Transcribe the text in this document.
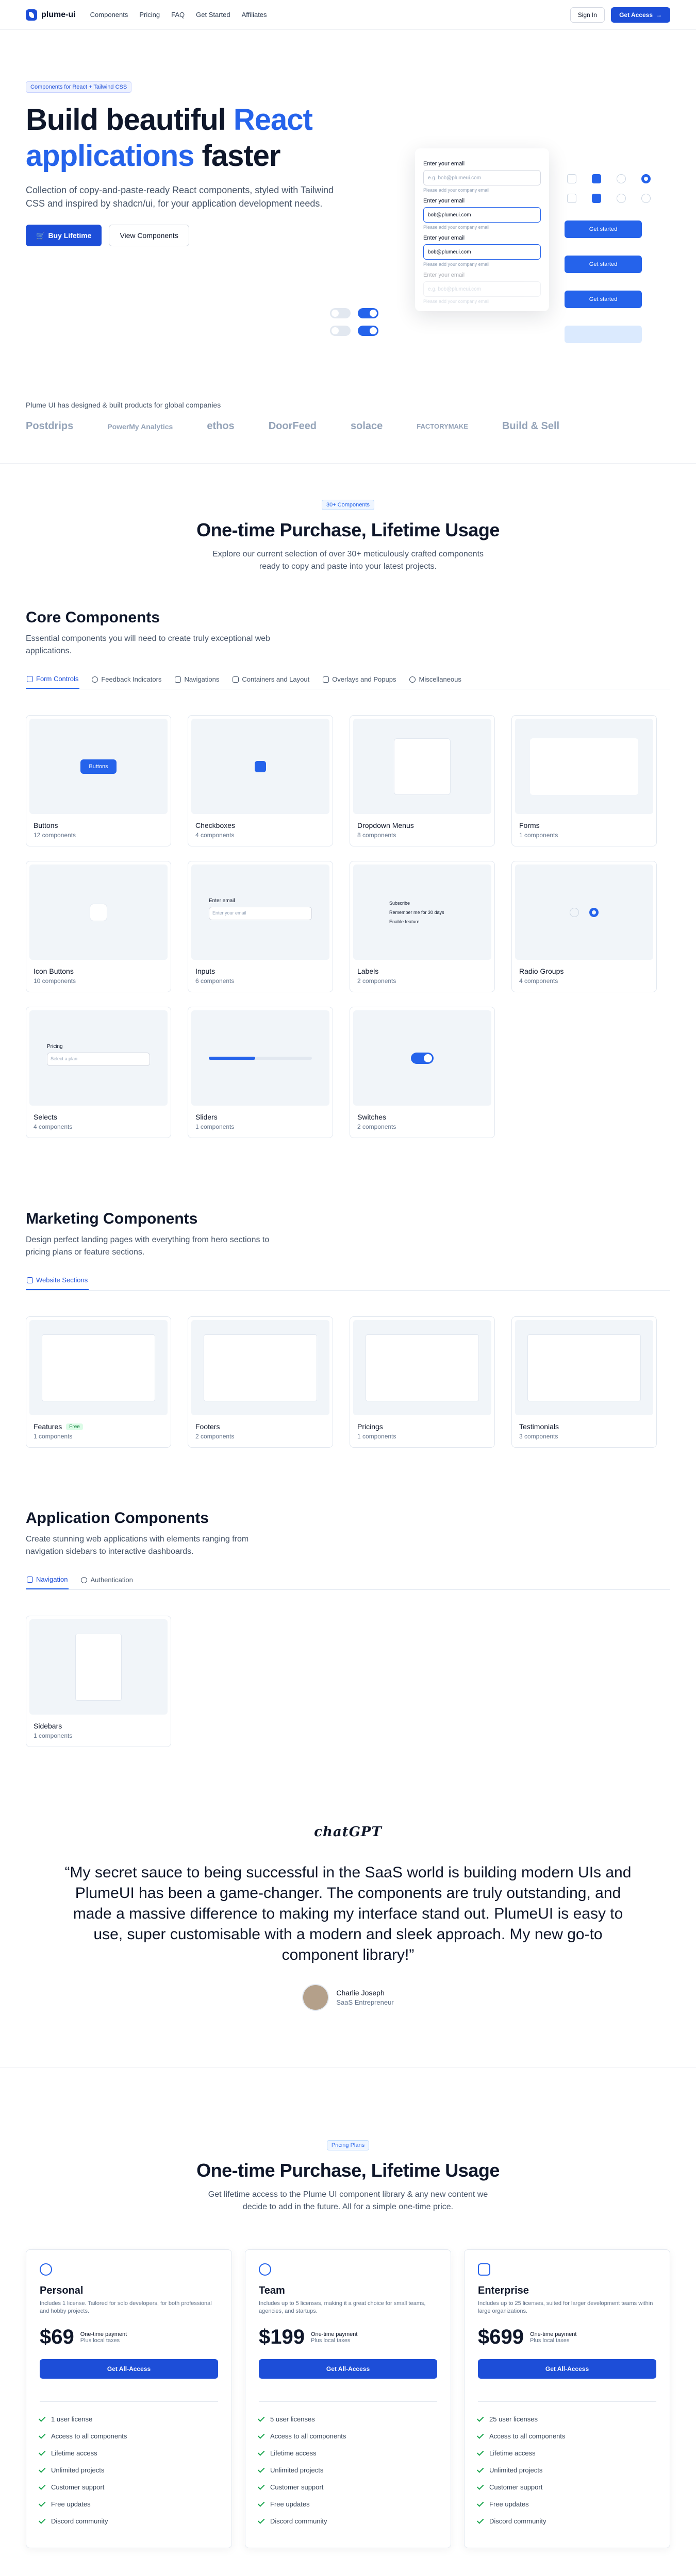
plume-ui Components Pricing FAQ Get Started Affiliates	Sign In	Get Access →
Components for React + Tailwind CSS
Build beautiful React
applications faster

Collection of copy-and-paste-ready React components, styled with Tailwind CSS and inspired by shadcn/ui, for your application development needs.

🛒 Buy Lifetime	View Components
Enter your email
e.g. bob@plumeui.com
Please add your company email
Enter your email
bob@plumeui.com
Please add your company email
Enter your email
bob@plumeui.com
Please add your company email
Enter your email
e.g. bob@plumeui.com
Please add your company email
Get started
Get started
Get started
Plume UI has designed & built products for global companies
Postdrips	PowerMy Analytics	ethos	DoorFeed	solace	FACTORYMAKE	Build & Sell
30+ Components
One-time Purchase, Lifetime Usage

Explore our current selection of over 30+ meticulously crafted components ready to copy and paste into your latest projects.

Core Components

Essential components you will need to create truly exceptional web applications.

Form Controls	Feedback Indicators	Navigations	Containers and Layout	Overlays and Popups	Miscellaneous
Buttons
Buttons
12 components
Checkboxes
4 components
Dropdown Menus
8 components
Forms
1 components
Icon Buttons
10 components
Enter email
Enter your email
Inputs
6 components
Subscribe
Remember me for 30 days
Enable feature
Labels
2 components
Radio Groups
4 components
Pricing
Select a plan
Selects
4 components
Sliders
1 components
Switches
2 components
Marketing Components

Design perfect landing pages with everything from hero sections to pricing plans or feature sections.

Website Sections
Features	Free
1 components
Footers
2 components
Pricings
1 components
Testimonials
3 components
Application Components

Create stunning web applications with elements ranging from navigation sidebars to interactive dashboards.

Navigation	Authentication
Sidebars
1 components
chatGPT

“My secret sauce to being successful in the SaaS world is building modern UIs and PlumeUI has been a game-changer. The components are truly outstanding, and made a massive difference to making my interface stand out. PlumeUI is easy to use, super customisable with a modern and sleek approach. My new go-to component library!”

Charlie Joseph
SaaS Entrepreneur
Pricing Plans
One-time Purchase, Lifetime Usage

Get lifetime access to the Plume UI component library & any new content we decide to add in the future. All for a simple one-time price.

Personal
Includes 1 license. Tailored for solo developers, for both professional and hobby projects.
$69 One-time payment
Plus local taxes
Get All-Access
1 user license
Access to all components
Lifetime access
Unlimited projects
Customer support
Free updates
Discord community
Team
Includes up to 5 licenses, making it a great choice for small teams, agencies, and startups.
$199 One-time payment
Plus local taxes
Get All-Access
5 user licenses
Access to all components
Lifetime access
Unlimited projects
Customer support
Free updates
Discord community
Enterprise
Includes up to 25 licenses, suited for larger development teams within large organizations.
$699 One-time payment
Plus local taxes
Get All-Access
25 user licenses
Access to all components
Lifetime access
Unlimited projects
Customer support
Free updates
Discord community
